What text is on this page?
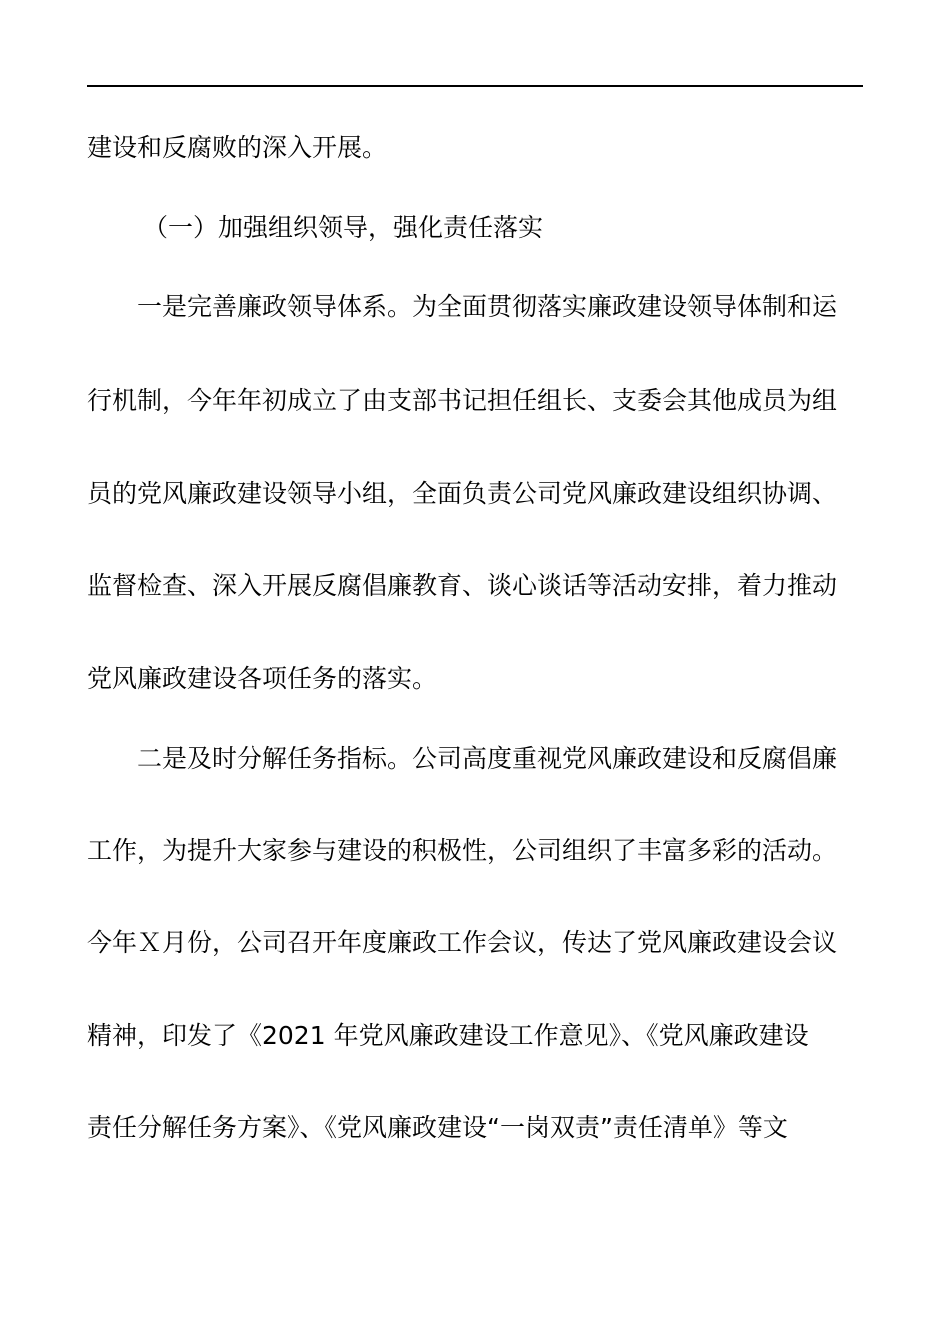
建设和反腐败的深入开展。
（一）加强组织领导，强化责任落实
一是完善廉政领导体系。为全面贯彻落实廉政建设领导体制和运
行机制，今年年初成立了由支部书记担任组长、支委会其他成员为组
员的党风廉政建设领导小组，全面负责公司党风廉政建设组织协调、
监督检查、深入开展反腐倡廉教育、谈心谈话等活动安排，着力推动
党风廉政建设各项任务的落实。
二是及时分解任务指标。公司高度重视党风廉政建设和反腐倡廉
工作，为提升大家参与建设的积极性，公司组织了丰富多彩的活动。
今年Ｘ月份，公司召开年度廉政工作会议，传达了党风廉政建设会议
精神，印发了《2021 年党风廉政建设工作意见》、《党风廉政建设
责任分解任务方案》、《党风廉政建设“一岗双责”责任清单》等文
